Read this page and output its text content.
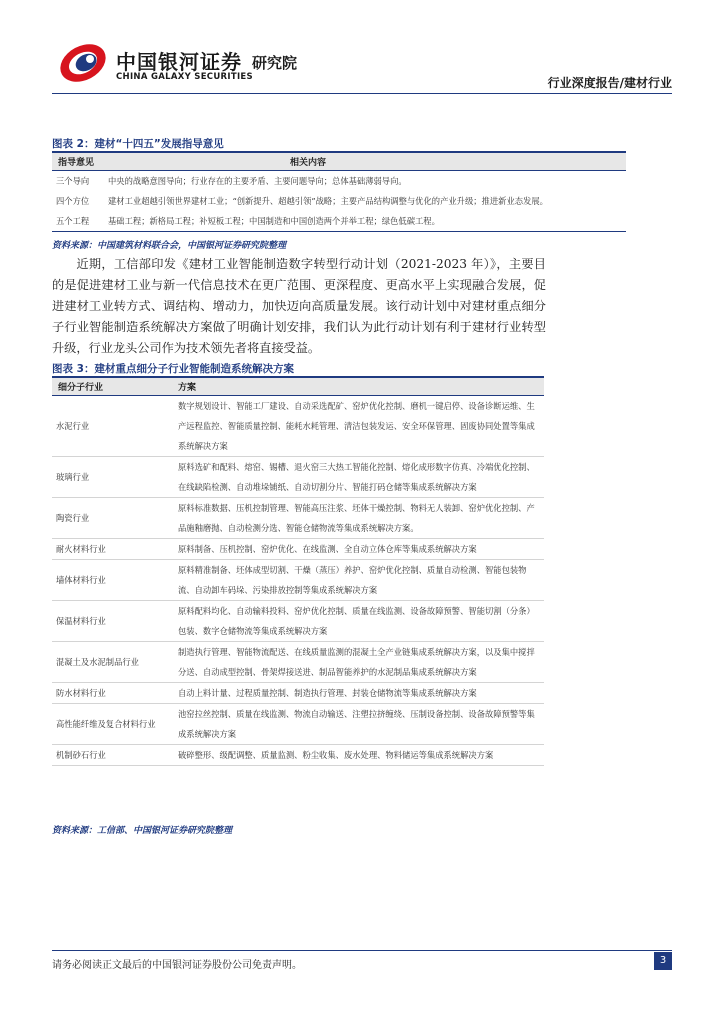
中国银河证券
CHINA GALAXY SECURITIES
研究院
行业深度报告/建材行业
图表 2：建材“十四五”发展指导意见
指导意见	相关内容
三个导向	中央的战略意图导向；行业存在的主要矛盾、主要问题导向；总体基础薄弱导向。
四个方位	建材工业超越引领世界建材工业；“创新提升、超越引领”战略；主要产品结构调整与优化的产业升级；推进新业态发展。
五个工程	基础工程；新格局工程；补短板工程；中国制造和中国创造两个并举工程；绿色低碳工程。
资料来源：中国建筑材料联合会，中国银河证券研究院整理

近期，工信部印发《建材工业智能制造数字转型行动计划（2021-2023 年）》，主要目的是促进建材工业与新一代信息技术在更广范围、更深程度、更高水平上实现融合发展，促进建材工业转方式、调结构、增动力，加快迈向高质量发展。该行动计划中对建材重点细分子行业智能制造系统解决方案做了明确计划安排，我们认为此行动计划有利于建材行业转型升级，行业龙头公司作为技术领先者将直接受益。

图表 3：建材重点细分子行业智能制造系统解决方案
细分子行业	方案
水泥行业	数字规划设计、智能工厂建设、自动采选配矿、窑炉优化控制、磨机一键启停、设备诊断运维、生产远程监控、智能质量控制、能耗水耗管理、清洁包装发运、安全环保管理、固废协同处置等集成系统解决方案
玻璃行业	原料选矿和配料、熔窑、锡槽、退火窑三大热工智能化控制、熔化成形数字仿真、冷端优化控制、在线缺陷检测、自动堆垛铺纸、自动切割分片、智能打码仓储等集成系统解决方案
陶瓷行业	原料标准数据、压机控制管理、智能高压注浆、坯体干燥控制、物料无人装卸、窑炉优化控制、产品施釉磨抛、自动检测分选、智能仓储物流等集成系统解决方案。
耐火材料行业	原料制备、压机控制、窑炉优化、在线监测、全自动立体仓库等集成系统解决方案
墙体材料行业	原料精准制备、坯体成型切割、干燥（蒸压）养护、窑炉优化控制、质量自动检测、智能包装物流、自动卸车码垛、污染排放控制等集成系统解决方案
保温材料行业	原料配料均化、自动输料投料、窑炉优化控制、质量在线监测、设备故障预警、智能切割（分条）包装、数字仓储物流等集成系统解决方案
混凝土及水泥制品行业	制造执行管理、智能物流配送、在线质量监测的混凝土全产业链集成系统解决方案，以及集中搅拌分送、自动成型控制、骨架焊接送进、制品智能养护的水泥制品集成系统解决方案
防水材料行业	自动上料计量、过程质量控制、制造执行管理、封装仓储物流等集成系统解决方案
高性能纤维及复合材料行业	池窑拉丝控制、质量在线监测、物流自动输送、注塑拉挤缠绕、压制设备控制、设备故障预警等集成系统解决方案
机制砂石行业	破碎整形、级配调整、质量监测、粉尘收集、废水处理、物料储运等集成系统解决方案
资料来源：工信部、中国银河证券研究院整理
请务必阅读正文最后的中国银河证券股份公司免责声明。	3
